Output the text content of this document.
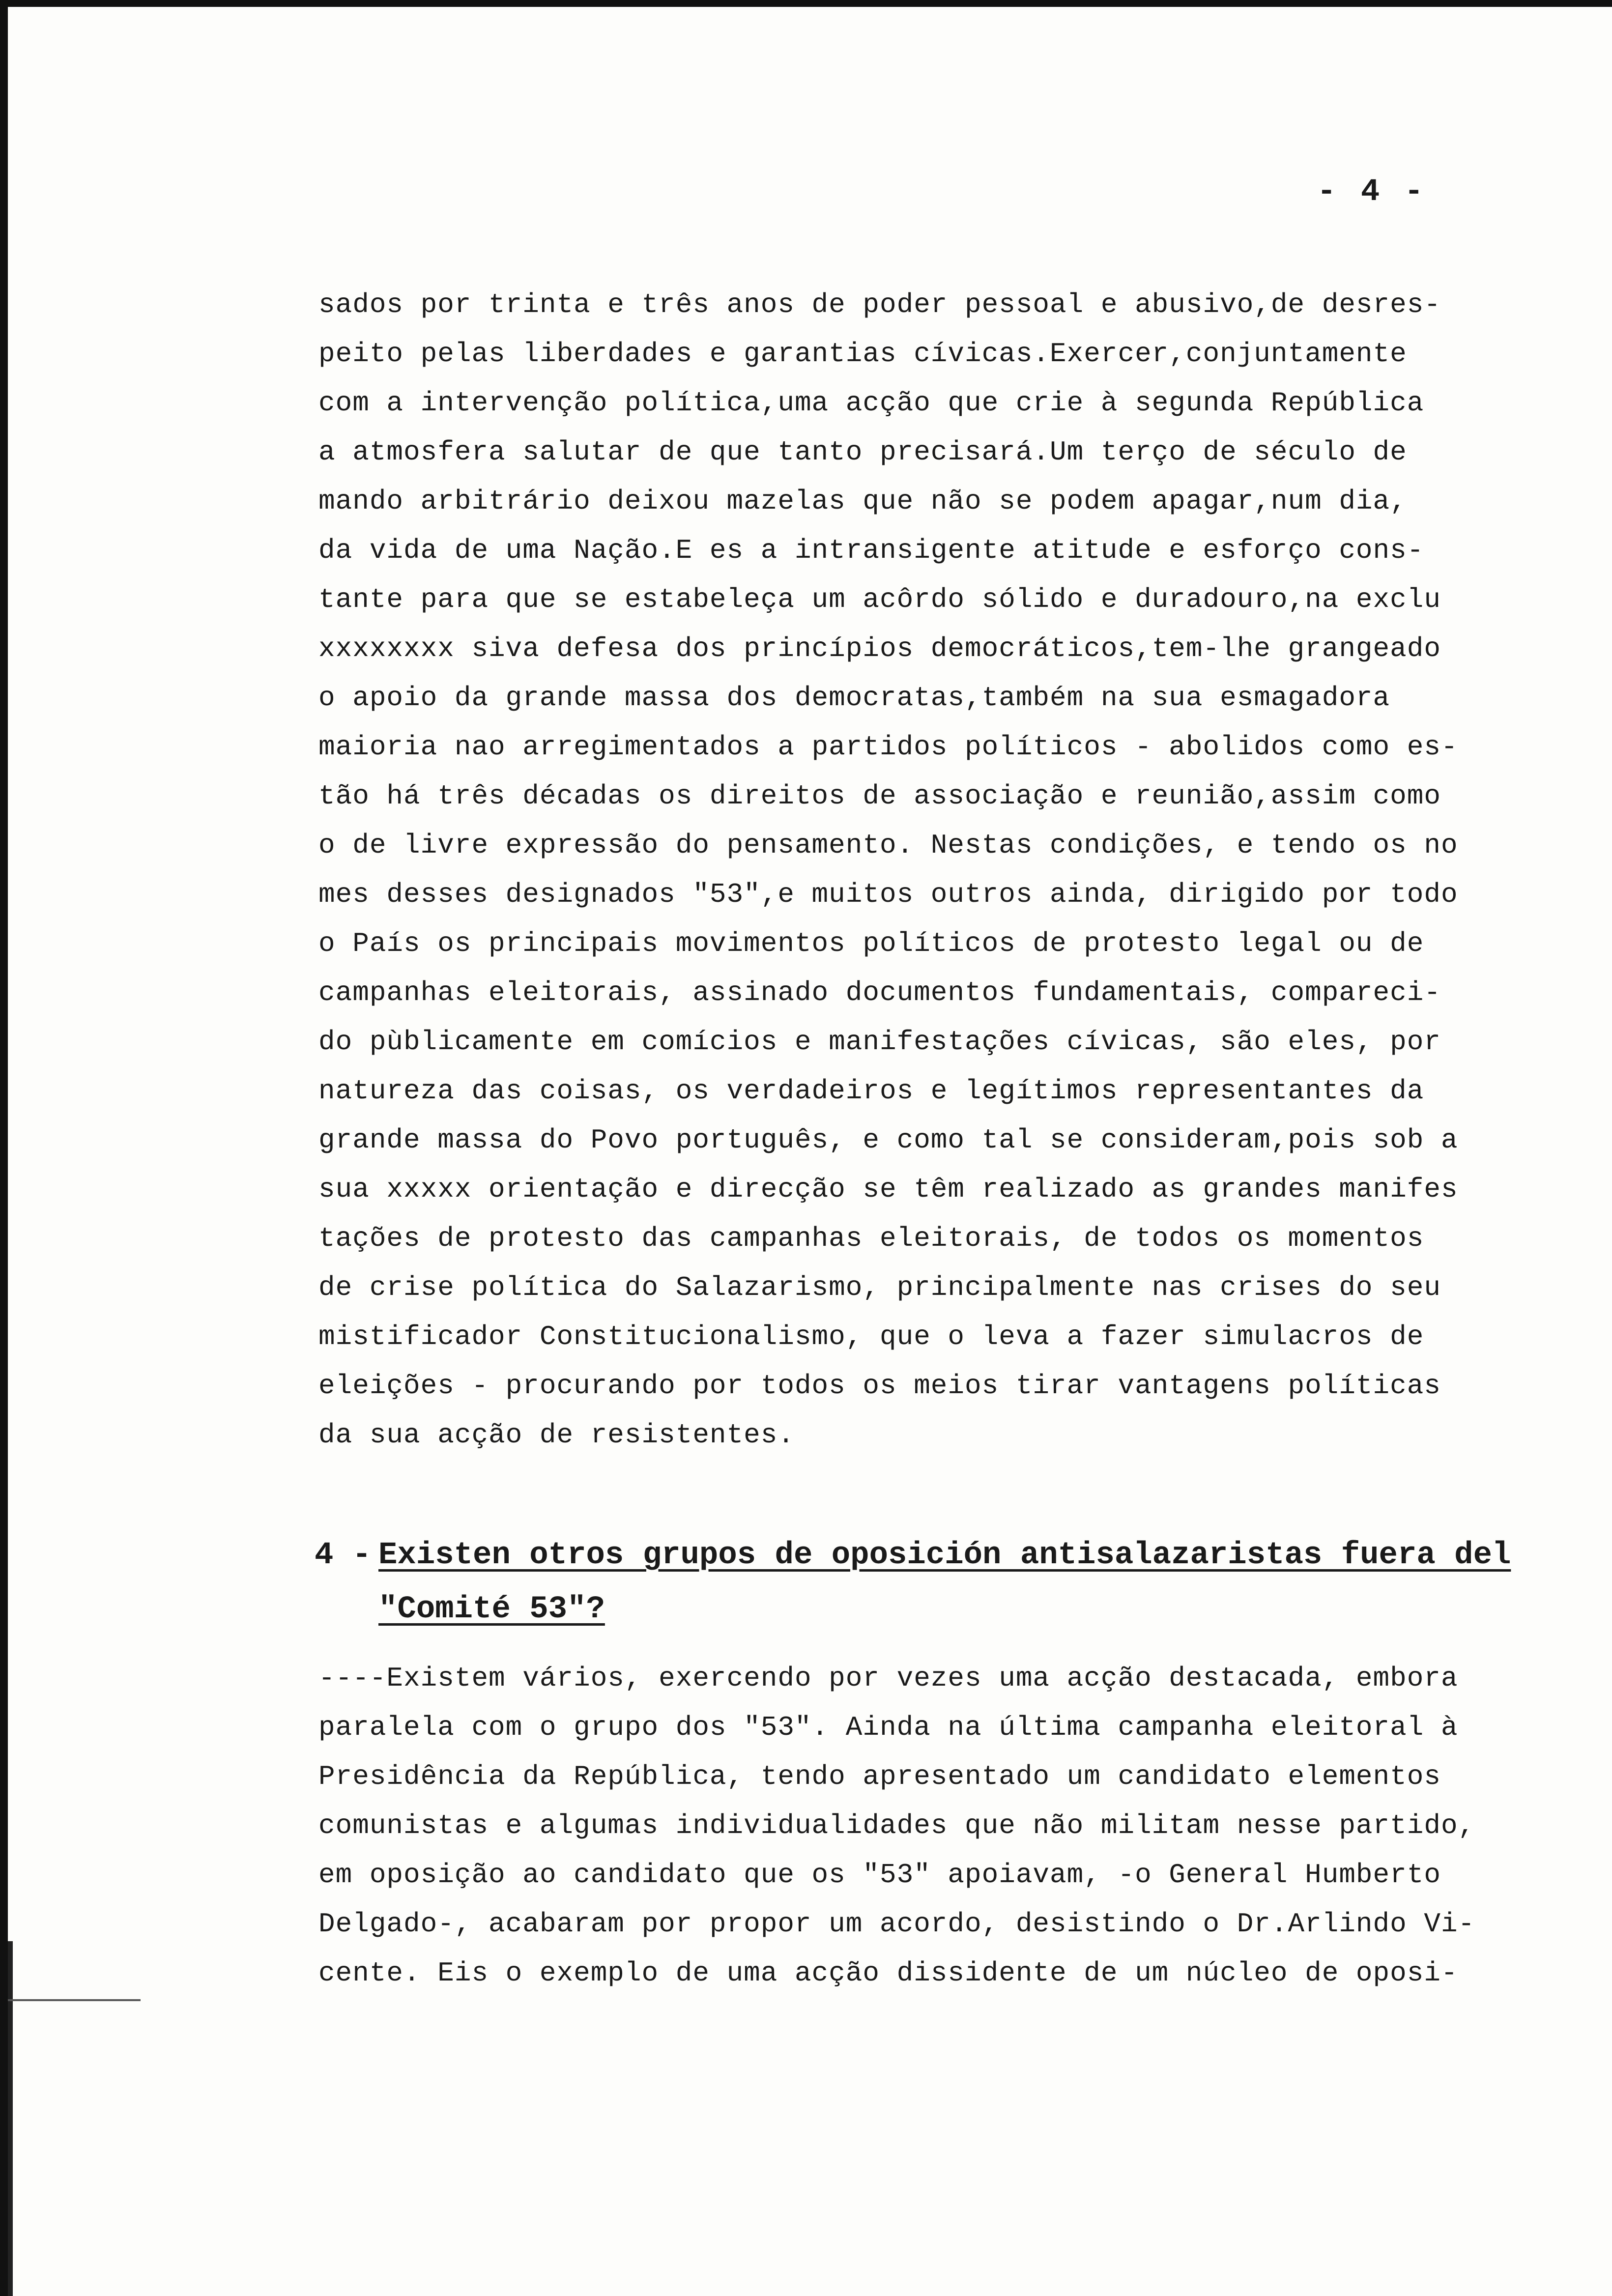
- 4 -

sados por trinta e três anos de poder pessoal e abusivo,de desres-

peito pelas liberdades e garantias cívicas.Exercer,conjuntamente

com a intervenção política,uma acção que crie à segunda República

a atmosfera salutar de que tanto precisará.Um terço de século de

mando arbitrário deixou mazelas que não se podem apagar,num dia,

da vida de uma Nação.E es a intransigente atitude e esforço cons-

tante para que se estabeleça um acôrdo sólido e duradouro,na exclu

xxxxxxxx siva defesa dos princípios democráticos,tem-lhe grangeado

o apoio da grande massa dos democratas,também na sua esmagadora

maioria nao arregimentados a partidos políticos - abolidos como es-

tão há três décadas os direitos de associação e reunião,assim como

o de livre expressão do pensamento. Nestas condições, e tendo os no

mes desses designados "53",e muitos outros ainda, dirigido por todo

o País os principais movimentos políticos de protesto legal ou de

campanhas eleitorais, assinado documentos fundamentais, compareci-

do pùblicamente em comícios e manifestações cívicas, são eles, por

natureza das coisas, os verdadeiros e legítimos representantes da

grande massa do Povo português, e como tal se consideram,pois sob a

sua xxxxx orientação e direcção se têm realizado as grandes manifes

tações de protesto das campanhas eleitorais, de todos os momentos

de crise política do Salazarismo, principalmente nas crises do seu

mistificador Constitucionalismo, que o leva a fazer simulacros de

eleições - procurando por todos os meios tirar vantagens políticas

da sua acção de resistentes.

4 - Existen otros grupos de oposición antisalazaristas fuera del

"Comité 53"?

----Existem vários, exercendo por vezes uma acção destacada, embora

paralela com o grupo dos "53". Ainda na última campanha eleitoral à

Presidência da República, tendo apresentado um candidato elementos

comunistas e algumas individualidades que não militam nesse partido,

em oposição ao candidato que os "53" apoiavam, -o General Humberto

Delgado-, acabaram por propor um acordo, desistindo o Dr.Arlindo Vi-

cente. Eis o exemplo de uma acção dissidente de um núcleo de oposi-
